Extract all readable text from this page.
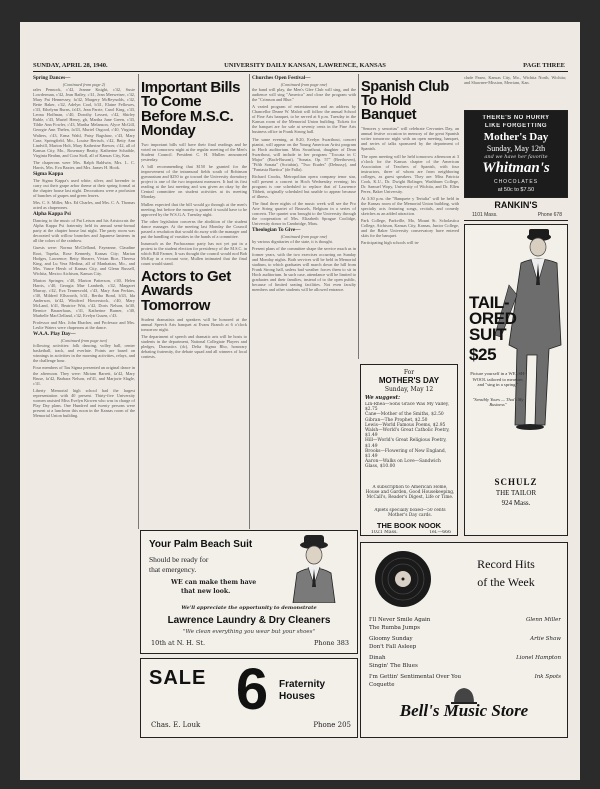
SUNDAY, APRIL 28, 1940.	UNIVERSITY DAILY KANSAN, LAWRENCE, KANSAS	PAGE THREE
Spring Dances—
(Continued from page 2)

rales Pennock, c'42, Jeanne Knight, c'42, Susie Lowderman, c'42, Jean Bailey, c'41, Jean Meeweiser, c'42, Mary Pat Hennessey, fa'42, Margery McReynolds, c'42, Bette Baker, c'42, Adelyn Cool, b'41, Elaine Fellowes, c'43, Ethelynn Burns, fa'43, Jean Parrie, Carol King, c'43, Leona Hoffman, c'40, Dorothy Lessert, c'42, Shirley Ruble, c'43, Muriel Henry, gb, Martha June Green, c'43, Tildie Ann Fowler, c'43, Martha Melanson, Alyce McGill, Georgie Ann Thelen, fa'43, Muriel Osgood, c'40, Virginia Walters, c'43, Erma Wahl, Patsy Bagshaw, c'43, Mary Case, Springfield, Mo., Louise Bertsch, c'42, Betty Ann Lindvill, Marion Holt, Mary Katherine Brewer, c'42, all of Kansas City, Mo., Rosemary Beatty, Katherine Schaible, Virginia Beahm, and Cora Stoll, all of Kansas City, Kan.

The chaperons were Mrs. Ralph Baldwin, Mrs. L. C. Harris, Mrs. Eva Baxter, and Mrs. James H. Hook.

Sigma Kappa

The Sigma Kappa's used white, silver, and lavender to carry out their grape arbor theme at their spring formal at the chapter house last night. Decorations were a profusion of bunches of grapes and green leaves.

Mrs. C. S. Miller, Mrs. Ed Charles, and Mrs. C. A. Thomas acted as chaperones.

Alpha Kappa Psi

Dancing to the music of Pat Letson and his Aristocrats the Alpha Kappa Psi fraternity held its annual semi-formal party at the chapter house last night. The party room was decorated with willow branches and Japanese lanterns in all the colors of the rainbow.

Guests were: Norma McClelland, Fayeanne, Claudine Root, Topeka, Rose Kennedy, Kansas City; Marian Hodges, Lawrence; Betty Shearer, Vivian Bice, Theresa King, and Lu Vera Medina, all of Manhattan, Mo., and Mrs. Vance Hersh of Kansas City, and Glenn Russell, Wichita, Mexico Atchison, Kansas City.

Marion Springer, c'40, Marion Patterson, c'40, Helen Harris, c'40, Georgia Mae Lambeth, c'42, Margaret Murray, c'42, Eva Tennesvold, c'43, Mary Ann Perkins, c'40, Mildred Ellsworth, b'41, Bertha Bond, b'43, Ida Anderson, fa'42, Winifred Howerstock, c'40, Mary McLand, b'41, Beatrice Witt, c'42, Doris Nelson, fa'40, Bernice Bauserhaus, c'41, Katherine Burner, c'40, Marbelle MacClelland, c'42, Evelyn Gusen, c'43.

Professor and Mrs. John Ebacher, and Professor and Mrs. Leslie Waters were chaperons at the dance.

W.A.A. Play Day—
(Continued from page two)

following activities: folk dancing, volley ball, center basketball, track, and everlate. Points are based on winnings in activities in the morning activities, relays, and the challenge hour.

Four members of Tau Sigma presented an original dance in the afternoon. They were: Miriam Barrett, fa'42, Mary Bruse, fa'42, Barbara Nelson, ed'41, and Marjorie Slagle, c'41.

Liberty Memorial high school had the largest representation with 40 present. Thirty-five University women assisted Miss Evelyn Kirwen who was in charge of Play Day plans. One Hundred and twenty persons were present at a luncheon this noon in the Kansas room of the Memorial Union building.

Important Bills To Come Before M.S.C. Monday

Two important bills will have their final readings and be voted on tomorrow night at the regular meeting of the Men's Student Council. President C. H. Mullen announced yesterday.

A bill recommending that $150 be granted for the improvement of the intramural fields south of Robinson gymnasium and $250 to go toward the University dormitory project is one of the two important measures. It had its first reading at the last meeting and was given an okay by the Central committee on student activities at its meeting Monday.

Mullen expected that the bill would go through at the men's meeting, but before the money is granted it would have to be approved by the W.S.G.A. Tuesday night.

The other legislation concerns the abolition of the student dance manager. At the meeting last Monday the Council passed a resolution that would do away with the manager and put the handling of varsities in the hands of a committee.

Inasmuch as the Pachacamac party has not yet put in a protest to the student election for presidency of the M.S.C. in which Bill Farmer, It was thought the council would nod Bob McKay in a recount vote, Mullen intimated that the final count would stand.

Actors to Get Awards Tomorrow

Student dramatists and speakers will be honored at the annual Speech Arts banquet at Evans Branch at 6 o'clock tomorrow night.

The department of speech and dramatic arts will be hosts to students in the department, National Collegiate Players and pledges, Dramatics (dc), Delta Sigma Rho, honorary debating fraternity, the debate squad and all winners of local contests.

Churches Open Festival—
(Continued from page one)

the band will play, the Men's Glee Club will sing, and the audience will sing "America" and close the program with the "Crimson and Blue."

A varied program of entertainment and an address by Chancellor Deane W. Malott will follow the annual School of Fine Arts banquet, to be served at 6 p.m. Tuesday in the Kansas room of the Memorial Union building. Tickets for the banquet are for sale at seventy cents in the Fine Arts business office in Frank Strong hall.

The same evening, at 8:20, Evelyn Swarthout, concert pianist, will appear on the Young American Artist program in Hoch auditorium. Miss Swarthout, daughter of Dean Swarthout, will include in her program "Toccata in C Major" (Bach-Busoni), "Sonata, Op. 57" (Beethoven), "Fifth Sonata" (Scriabin), "Two Etudes" (Debussy), and "Fantasia Baetica" (de Falla).

Richard Crooks, Metropolitan opera company tenor star, will present a concert in Hoch Wednesday evening; his program is one scheduled to replace that of Lawrence Tibbett, originally scheduled but unable to appear because of illness.

The final three nights of the music week will see the Pro Arte String quartet of Brussels, Belgium in a series of concerts. The quartet was brought to the University through the cooperation of Mrs. Elizabeth Sprague Coolidge, University donor in Cambridge, Mass.

Theologian To Give—
(Continued from page one)

by various dignitaries of the state, it is thought.

Present plans of the committee shape the service much as in former years, with the two exercises occurring on Sunday and Monday nights. Both services will be held in Memorial stadium, to which graduates will march down the hill from Frank Strong hall, unless bad weather forces them to sit in Hoch auditorium. In such case, attendance will be limited to graduates and their families, instead of to the open public, because of limited seating facilities. Not even faculty members and other students will be allowed entrance.

Spanish Club To Hold Banquet

"Senores y senoritas" will celebrate Cervantes Day, an annual festive occasion in memory of the great Spanish writer tomorrow night with an open meeting, banquet, and series of talks sponsored by the department of Spanish.

The open meeting will be held tomorrow afternoon at 3 o'clock for the Kansas chapter of the American Association of Teachers of Spanish, with four instructors, three of whom are from neighboring colleges, as guest speakers. They are: Miss Patricia Cook, K.U., Dr. Dwight Bolinger, Washburn College, Dr. Samuel Wopy, University of Wichita, and Dr. Ellen Perez, Baker University.

At 3:30 p.m. the "Banquete y Tertulia" will be held in the Kansas room of the Memorial Union building, with specialty acts featuring songs, recitals, and comedy sketches as an added attraction.

Park College, Parkville, Mo, Mount St. Scholastica College, Atchison, Kansas City, Kansas, Junior College, and the Baker University conservatory have entered skits for the banquet.

Participating high schools will in-

clude Paseo, Kansas City, Mo., Wichita North, Wichita; and Shawnee-Mission, Merriam, Kan.

THERE'S NO HURRY
LIKE FORGETTING
Mother's Day
Sunday, May 12th
and we have her favorite
Whitman's
CHOCOLATES
at 50c to $7.50
RANKIN'S
1101 Mass.	Phone 678
TAIL-
ORED
SUIT
$25
Picture yourself in a WELSH-WOOL tailored to measure, and "sing in a spring."
"Sensibly Yours — That's My Business"
SCHULZ
THE TAILOR
924 Mass.
For
MOTHER'S DAY
Sunday, May 12
We suggest:
Lin-Rhea—Sons Grace Was My Valley, $2.75
Cane—Mother of the Smiths, $2.50
Gibran—The Prophet, $2.50
Lewis—World Famous Poems, $2.95
Walsh—World's Great Catholic Poetry, $1.49
Hill—World's Great Religious Poetry, $1.49
Brooks—Flowering of New England, $1.49
Aaron—Walks on Love—Sandwich Glass, $10.00
A subscription to American Home, House and Garden, Good Housekeeping, McCall's, Reader's Digest, Life or Time.
Aplets specially boxed—50 cents Mother's Day cards.
THE BOOK NOOK
1021 Mass.	Tel.—666
Your Palm Beach Suit
Should be ready for
that emergency.
WE can make them have
that new look.
We'll appreciate the opportunity to demonstrate
Lawrence Laundry & Dry Cleaners
"We clean everything you wear but your shoes"
10th at N. H. St.	Phone 383
SALE 6	Fraternity
Houses
Chas. E. Louk	Phone 205
Record Hits
of the Week
I'll Never Smile Again	Glenn Miller
The Rumba Jumps
Gloomy Sunday	Artie Shaw
Don't Fall Asleep
Dinah	Lionel Hampton
Singin' The Blues
I'm Gettin' Sentimental Over You	Ink Spots
Coquette
Bell's Music Store
